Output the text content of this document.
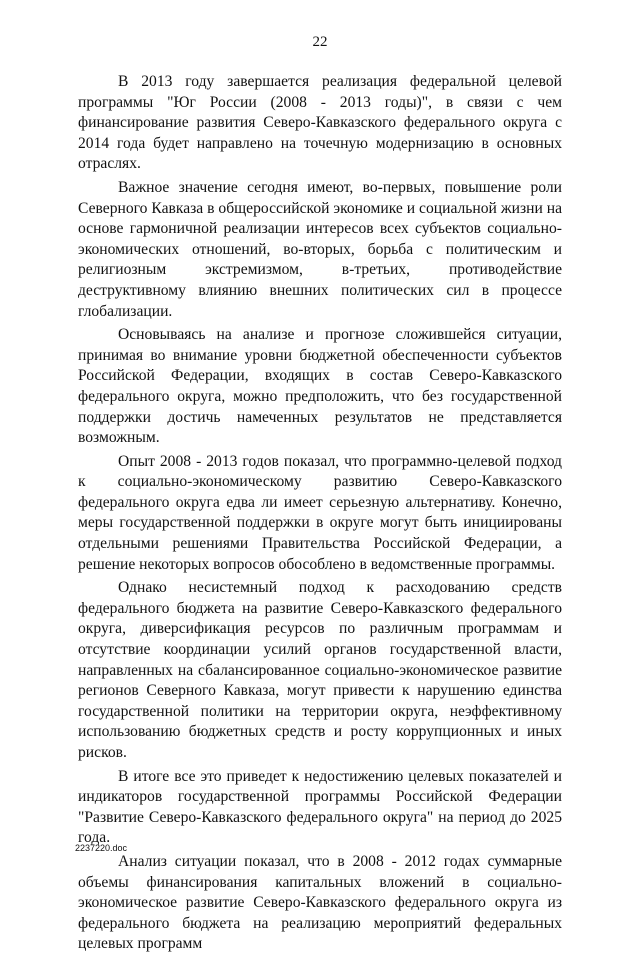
22

В 2013 году завершается реализация федеральной целевой программы "Юг России (2008 - 2013 годы)", в связи с чем финансирование развития Северо-Кавказского федерального округа с 2014 года будет направлено на точечную модернизацию в основных отраслях.

Важное значение сегодня имеют, во-первых, повышение роли Северного Кавказа в общероссийской экономике и социальной жизни на основе гармоничной реализации интересов всех субъектов социально-экономических отношений, во-вторых, борьба с политическим и религиозным экстремизмом, в-третьих, противодействие деструктивному влиянию внешних политических сил в процессе глобализации.

Основываясь на анализе и прогнозе сложившейся ситуации, принимая во внимание уровни бюджетной обеспеченности субъектов Российской Федерации, входящих в состав Северо-Кавказского федерального округа, можно предположить, что без государственной поддержки достичь намеченных результатов не представляется возможным.

Опыт 2008 - 2013 годов показал, что программно-целевой подход к социально-экономическому развитию Северо-Кавказского федерального округа едва ли имеет серьезную альтернативу. Конечно, меры государственной поддержки в округе могут быть инициированы отдельными решениями Правительства Российской Федерации, а решение некоторых вопросов обособлено в ведомственные программы.

Однако несистемный подход к расходованию средств федерального бюджета на развитие Северо-Кавказского федерального округа, диверсификация ресурсов по различным программам и отсутствие координации усилий органов государственной власти, направленных на сбалансированное социально-экономическое развитие регионов Северного Кавказа, могут привести к нарушению единства государственной политики на территории округа, неэффективному использованию бюджетных средств и росту коррупционных и иных рисков.

В итоге все это приведет к недостижению целевых показателей и индикаторов государственной программы Российской Федерации "Развитие Северо-Кавказского федерального округа" на период до 2025 года.

Анализ ситуации показал, что в 2008 - 2012 годах суммарные объемы финансирования капитальных вложений в социально-экономическое развитие Северо-Кавказского федерального округа из федерального бюджета на реализацию мероприятий федеральных целевых программ

2237220.doc
